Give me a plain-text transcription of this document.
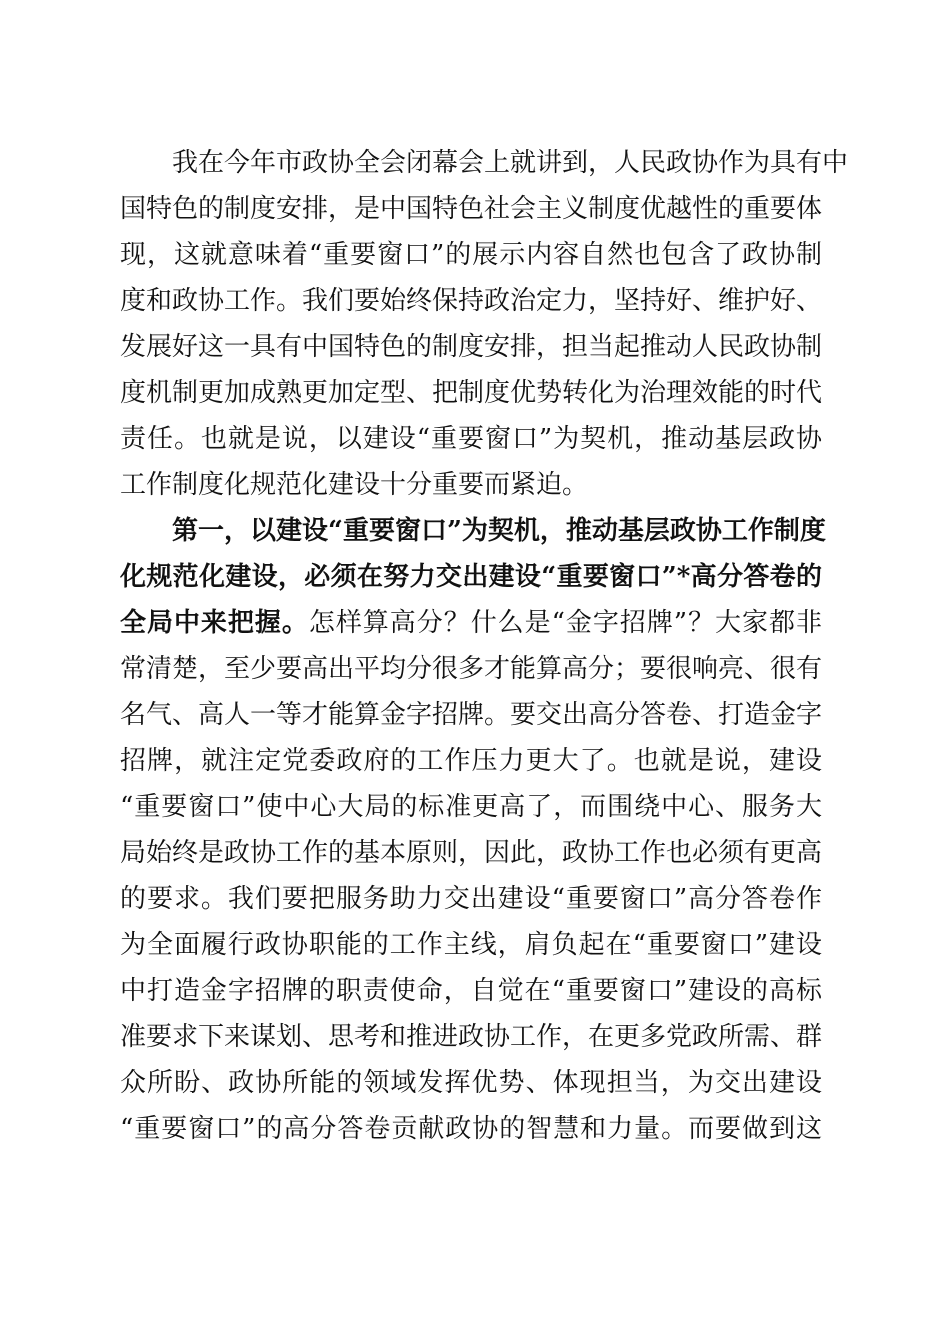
　　我在今年市政协全会闭幕会上就讲到，人民政协作为具有中
国特色的制度安排，是中国特色社会主义制度优越性的重要体
现，这就意味着“重要窗口”的展示内容自然也包含了政协制
度和政协工作。我们要始终保持政治定力，坚持好、维护好、
发展好这一具有中国特色的制度安排，担当起推动人民政协制
度机制更加成熟更加定型、把制度优势转化为治理效能的时代
责任。也就是说，以建设“重要窗口”为契机，推动基层政协
工作制度化规范化建设十分重要而紧迫。
　　第一，以建设“重要窗口”为契机，推动基层政协工作制度
化规范化建设，必须在努力交出建设“重要窗口”*高分答卷的
全局中来把握。怎样算高分？什么是“金字招牌”？大家都非
常清楚，至少要高出平均分很多才能算高分；要很响亮、很有
名气、高人一等才能算金字招牌。要交出高分答卷、打造金字
招牌，就注定党委政府的工作压力更大了。也就是说，建设
“重要窗口”使中心大局的标准更高了，而围绕中心、服务大
局始终是政协工作的基本原则，因此，政协工作也必须有更高
的要求。我们要把服务助力交出建设“重要窗口”高分答卷作
为全面履行政协职能的工作主线，肩负起在“重要窗口”建设
中打造金字招牌的职责使命，自觉在“重要窗口”建设的高标
准要求下来谋划、思考和推进政协工作，在更多党政所需、群
众所盼、政协所能的领域发挥优势、体现担当，为交出建设
“重要窗口”的高分答卷贡献政协的智慧和力量。而要做到这
